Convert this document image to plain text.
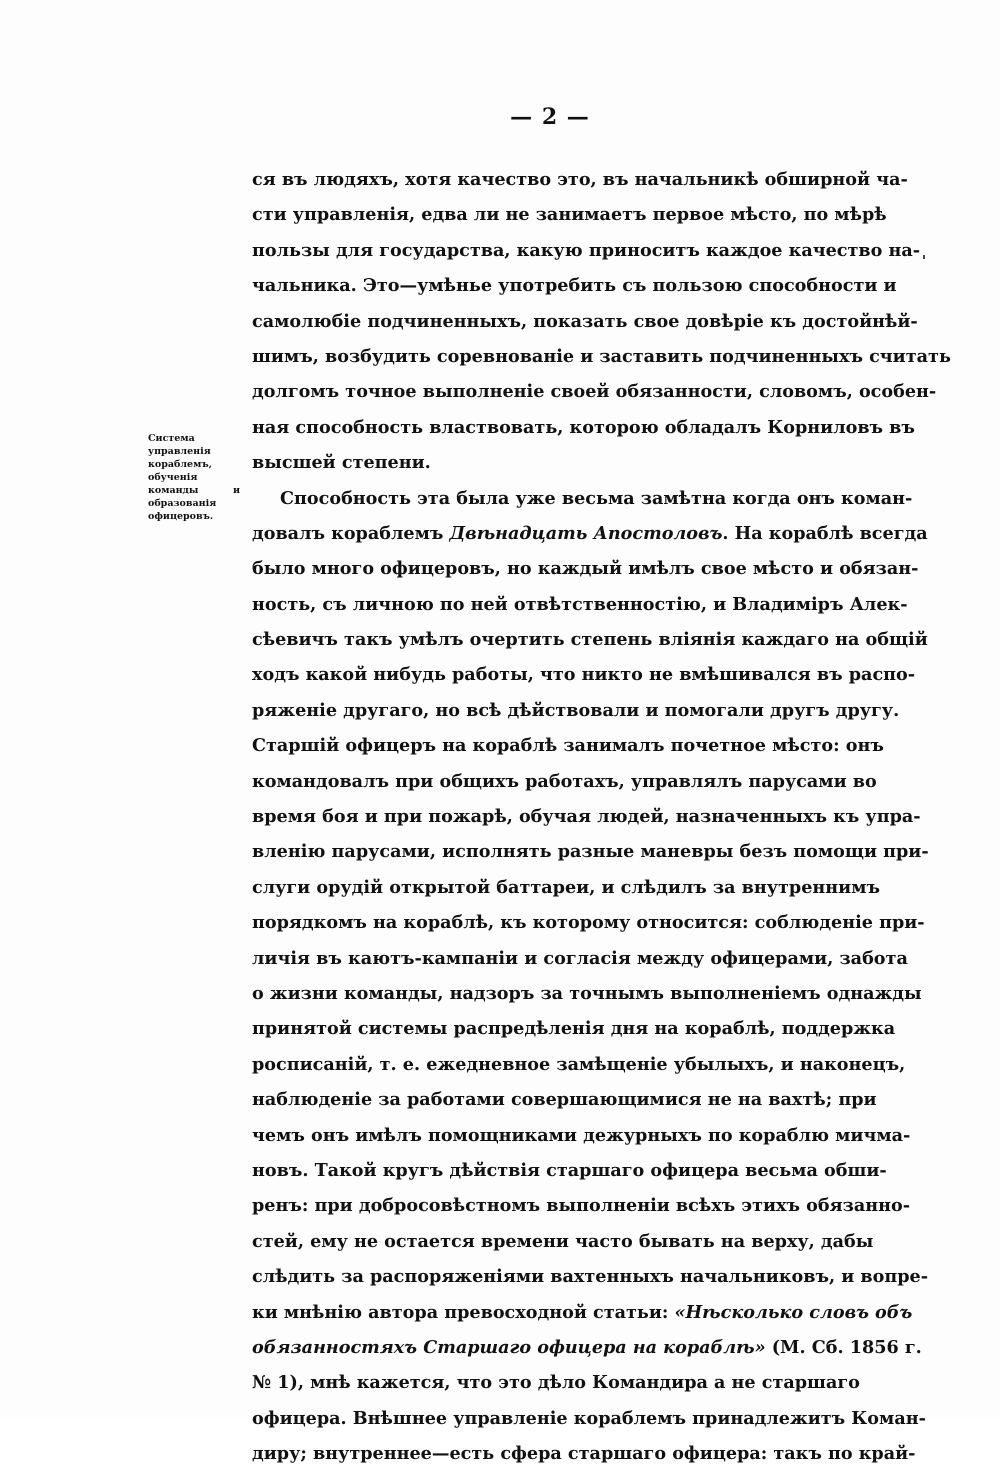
— 2 —
Система управленія кораблемъ, обученія команды и образованія офицеровъ.
ся въ людяхъ, хотя качество это, въ начальникѣ обширной ча-
сти управленія, едва ли не занимаетъ первое мѣсто, по мѣрѣ
пользы для государства, какую приноситъ каждое качество на-
чальника. Это—умѣнье употребить съ пользою способности и
самолюбіе подчиненныхъ, показать свое довѣріе къ достойнѣй-
шимъ, возбудить соревнованіе и заставить подчиненныхъ считать
долгомъ точное выполненіе своей обязанности, словомъ, особен-
ная способность властвовать, которою обладалъ Корниловъ въ
высшей степени.
Способность эта была уже весьма замѣтна когда онъ коман-
довалъ кораблемъ Двѣнадцать Апостоловъ. На кораблѣ всегда
было много офицеровъ, но каждый имѣлъ свое мѣсто и обязан-
ность, съ личною по ней отвѣтственностію, и Владиміръ Алек-
сѣевичъ такъ умѣлъ очертить степень вліянія каждаго на общій
ходъ какой нибудь работы, что никто не вмѣшивался въ распо-
ряженіе другаго, но всѣ дѣйствовали и помогали другъ другу.
Старшій офицеръ на кораблѣ занималъ почетное мѣсто: онъ
командовалъ при общихъ работахъ, управлялъ парусами во
время боя и при пожарѣ, обучая людей, назначенныхъ къ упра-
вленію парусами, исполнять разные маневры безъ помощи при-
слуги орудій открытой баттареи, и слѣдилъ за внутреннимъ
порядкомъ на кораблѣ, къ которому относится: соблюденіе при-
личія въ каютъ-кампаніи и согласія между офицерами, забота
о жизни команды, надзоръ за точнымъ выполненіемъ однажды
принятой системы распредѣленія дня на кораблѣ, поддержка
росписаній, т. е. ежедневное замѣщеніе убылыхъ, и наконецъ,
наблюденіе за работами совершающимися не на вахтѣ; при
чемъ онъ имѣлъ помощниками дежурныхъ по кораблю мичма-
новъ. Такой кругъ дѣйствія старшаго офицера весьма обши-
ренъ: при добросовѣстномъ выполненіи всѣхъ этихъ обязанно-
стей, ему не остается времени часто бывать на верху, дабы
слѣдить за распоряженіями вахтенныхъ начальниковъ, и вопре-
ки мнѣнію автора превосходной статьи: «Нѣсколько словъ объ
обязанностяхъ Старшаго офицера на кораблѣ» (М. Сб. 1856 г.
№ 1), мнѣ кажется, что это дѣло Командира а не старшаго
офицера. Внѣшнее управленіе кораблемъ принадлежитъ Коман-
диру; внутреннее—есть сфера старшаго офицера: такъ по край-
